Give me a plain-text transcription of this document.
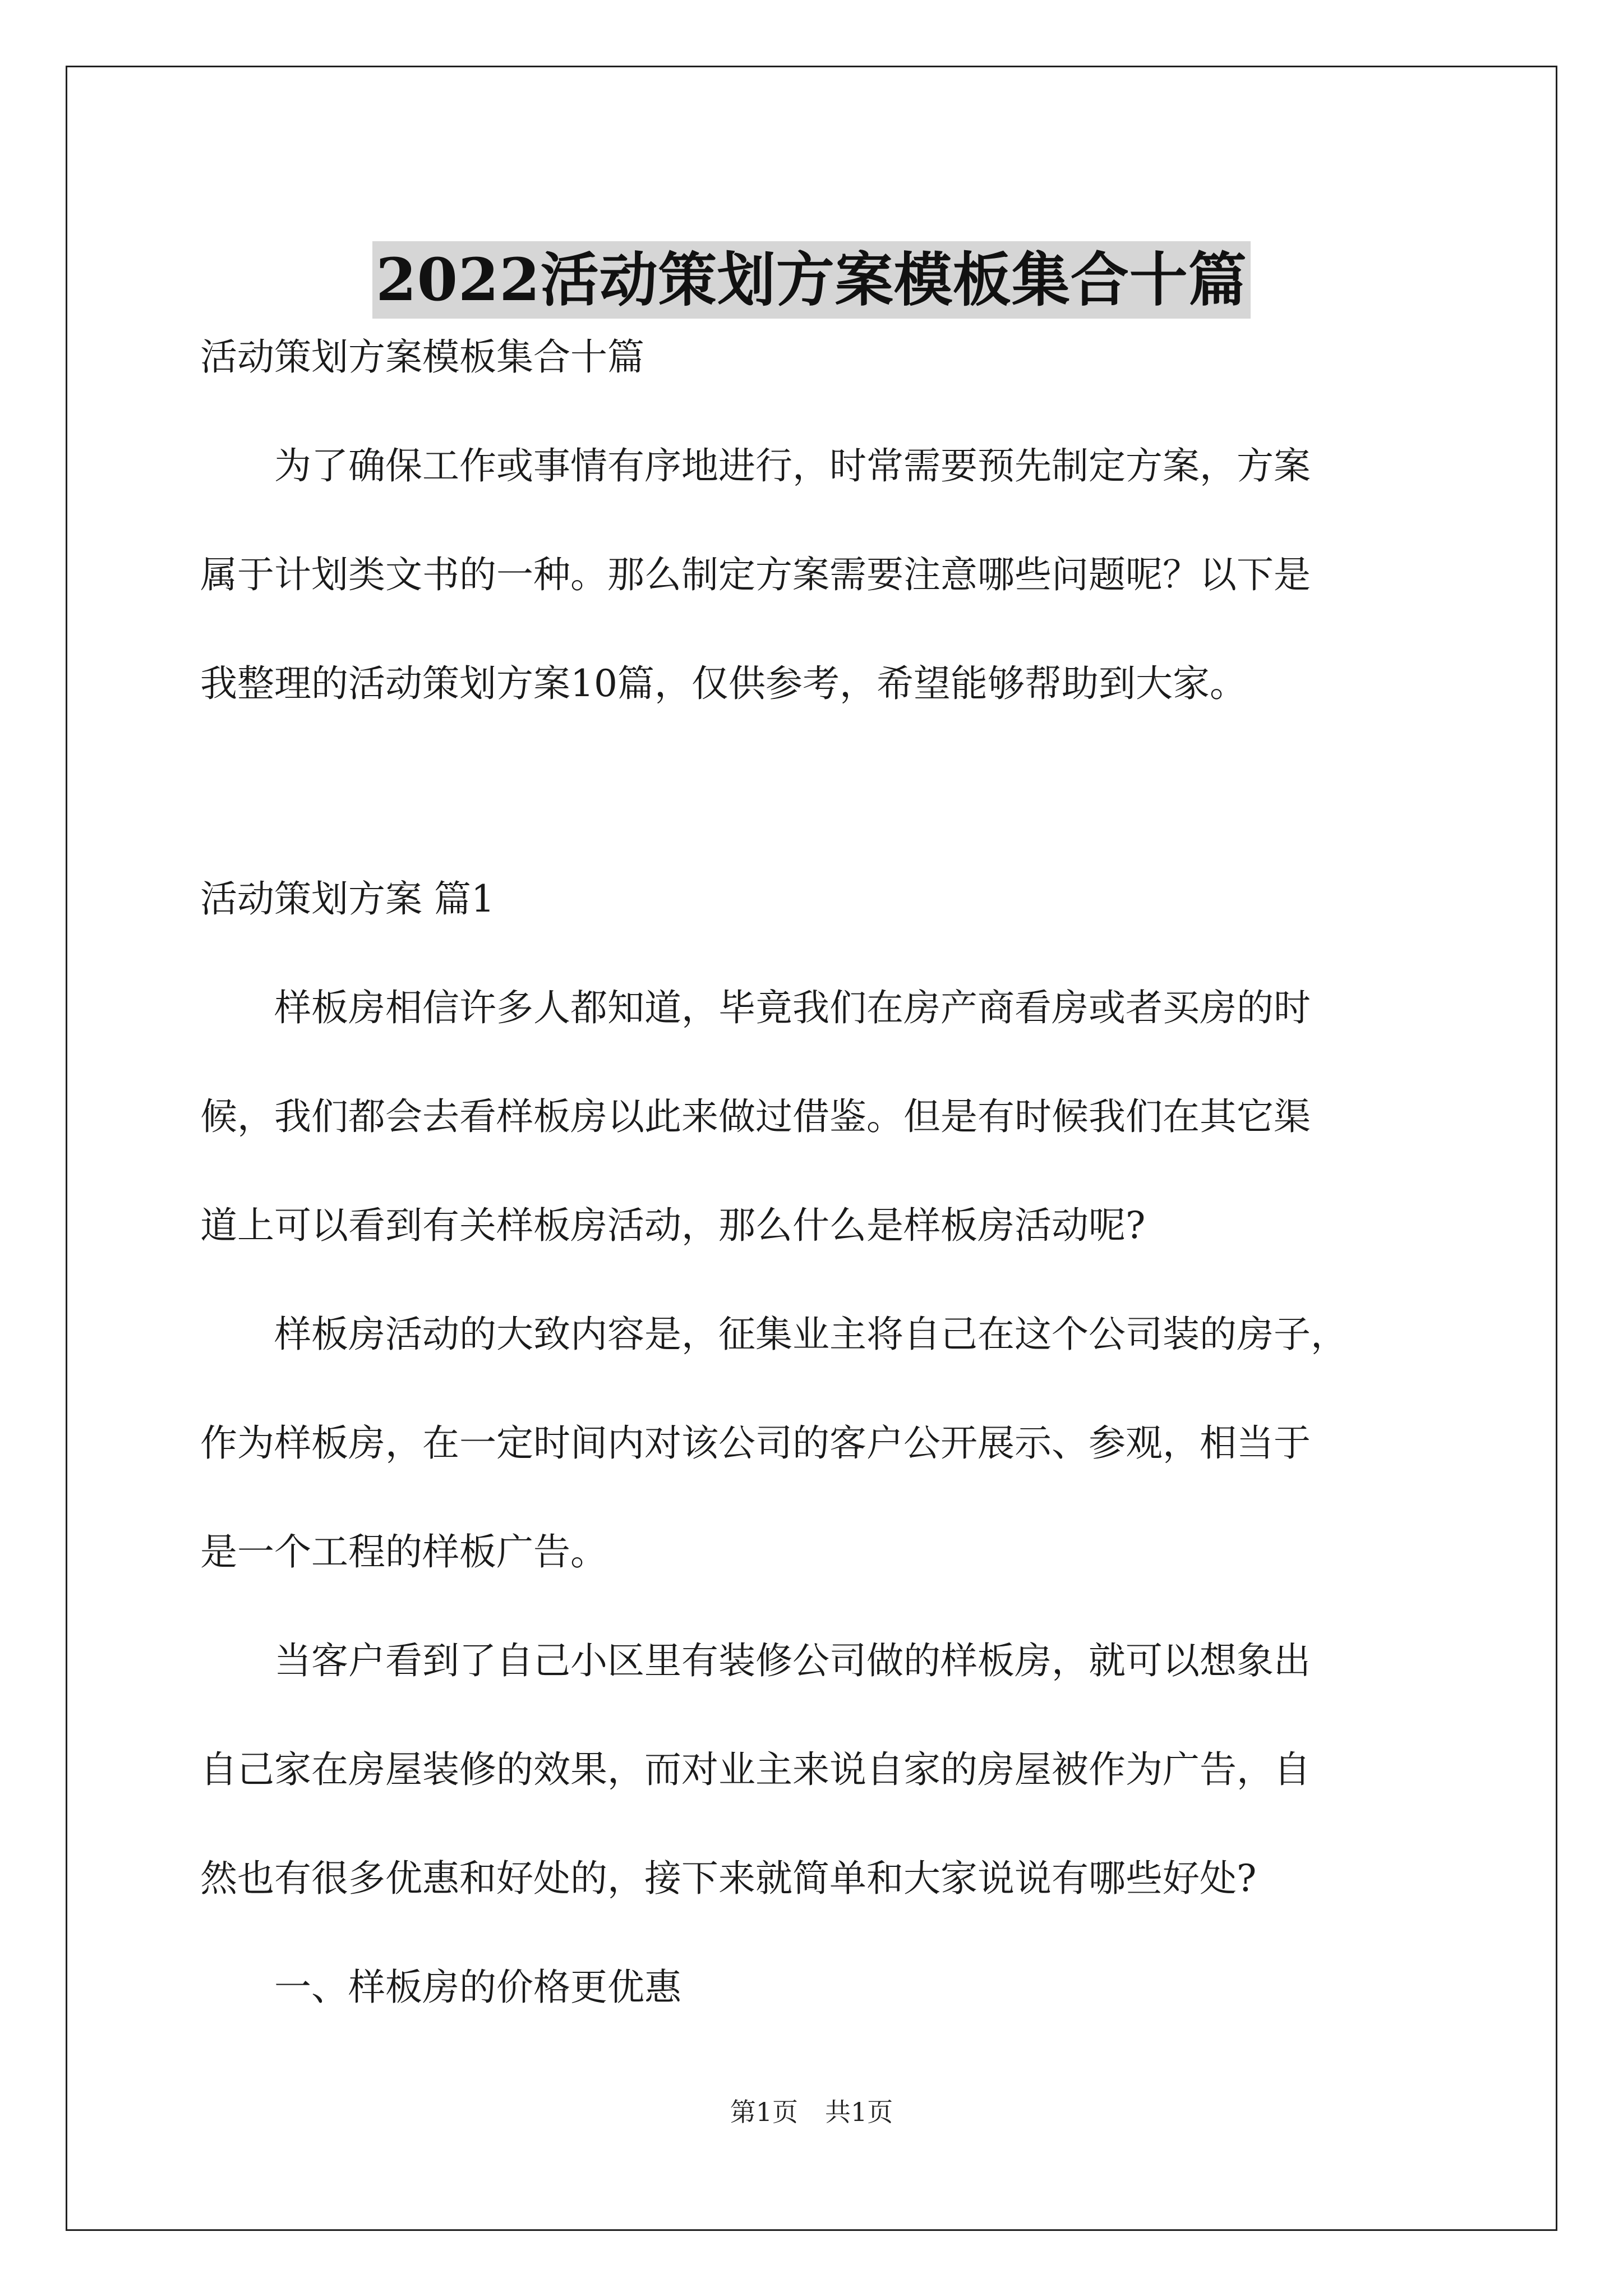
2022活动策划方案模板集合十篇

活动策划方案模板集合十篇

为了确保工作或事情有序地进行，时常需要预先制定方案，方案

属于计划类文书的一种。那么制定方案需要注意哪些问题呢？以下是

我整理的活动策划方案10篇，仅供参考，希望能够帮助到大家。

活动策划方案 篇1

样板房相信许多人都知道，毕竟我们在房产商看房或者买房的时

候，我们都会去看样板房以此来做过借鉴。但是有时候我们在其它渠

道上可以看到有关样板房活动，那么什么是样板房活动呢?

样板房活动的大致内容是，征集业主将自己在这个公司装的房子，

作为样板房，在一定时间内对该公司的客户公开展示、参观，相当于

是一个工程的样板广告。

当客户看到了自己小区里有装修公司做的样板房，就可以想象出

自己家在房屋装修的效果，而对业主来说自家的房屋被作为广告，自

然也有很多优惠和好处的，接下来就简单和大家说说有哪些好处?

一、样板房的价格更优惠

第1页 共1页
